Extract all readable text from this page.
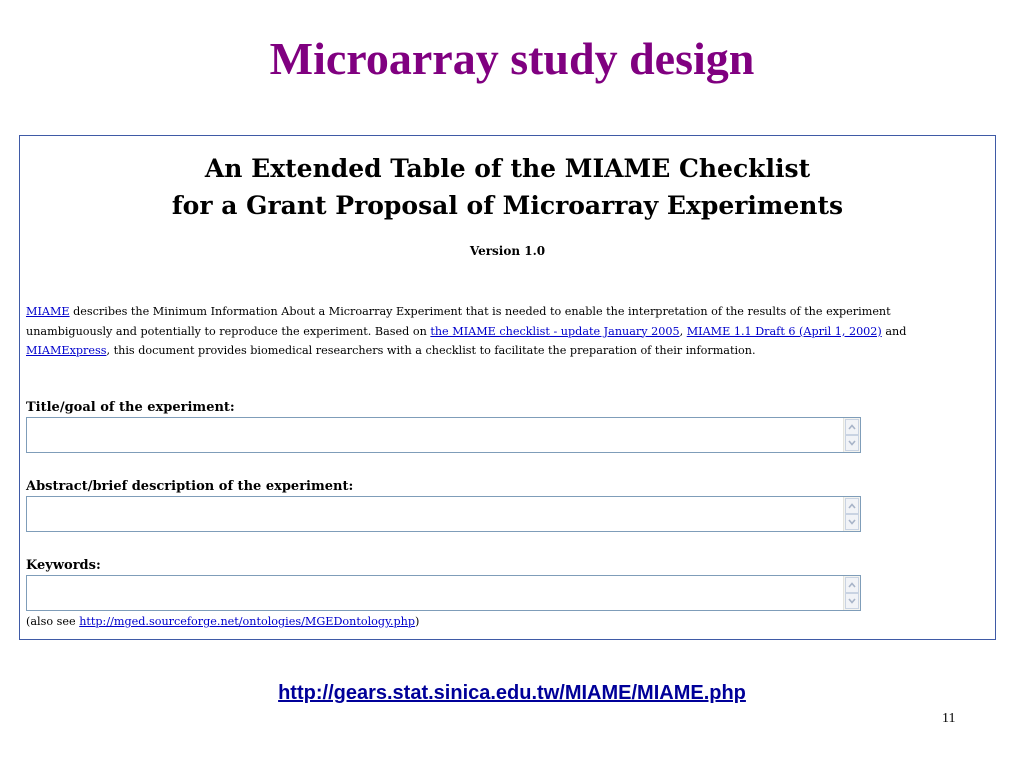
Microarray study design
An Extended Table of the MIAME Checklist
for a Grant Proposal of Microarray Experiments
Version 1.0
MIAME describes the Minimum Information About a Microarray Experiment that is needed to enable the interpretation of the results of the experiment
unambiguously and potentially to reproduce the experiment. Based on the MIAME checklist - update January 2005, MIAME 1.1 Draft 6 (April 1, 2002) and
MIAMExpress, this document provides biomedical researchers with a checklist to facilitate the preparation of their information.
Title/goal of the experiment:
Abstract/brief description of the experiment:
Keywords:
(also see http://mged.sourceforge.net/ontologies/MGEDontology.php)
http://gears.stat.sinica.edu.tw/MIAME/MIAME.php
11
